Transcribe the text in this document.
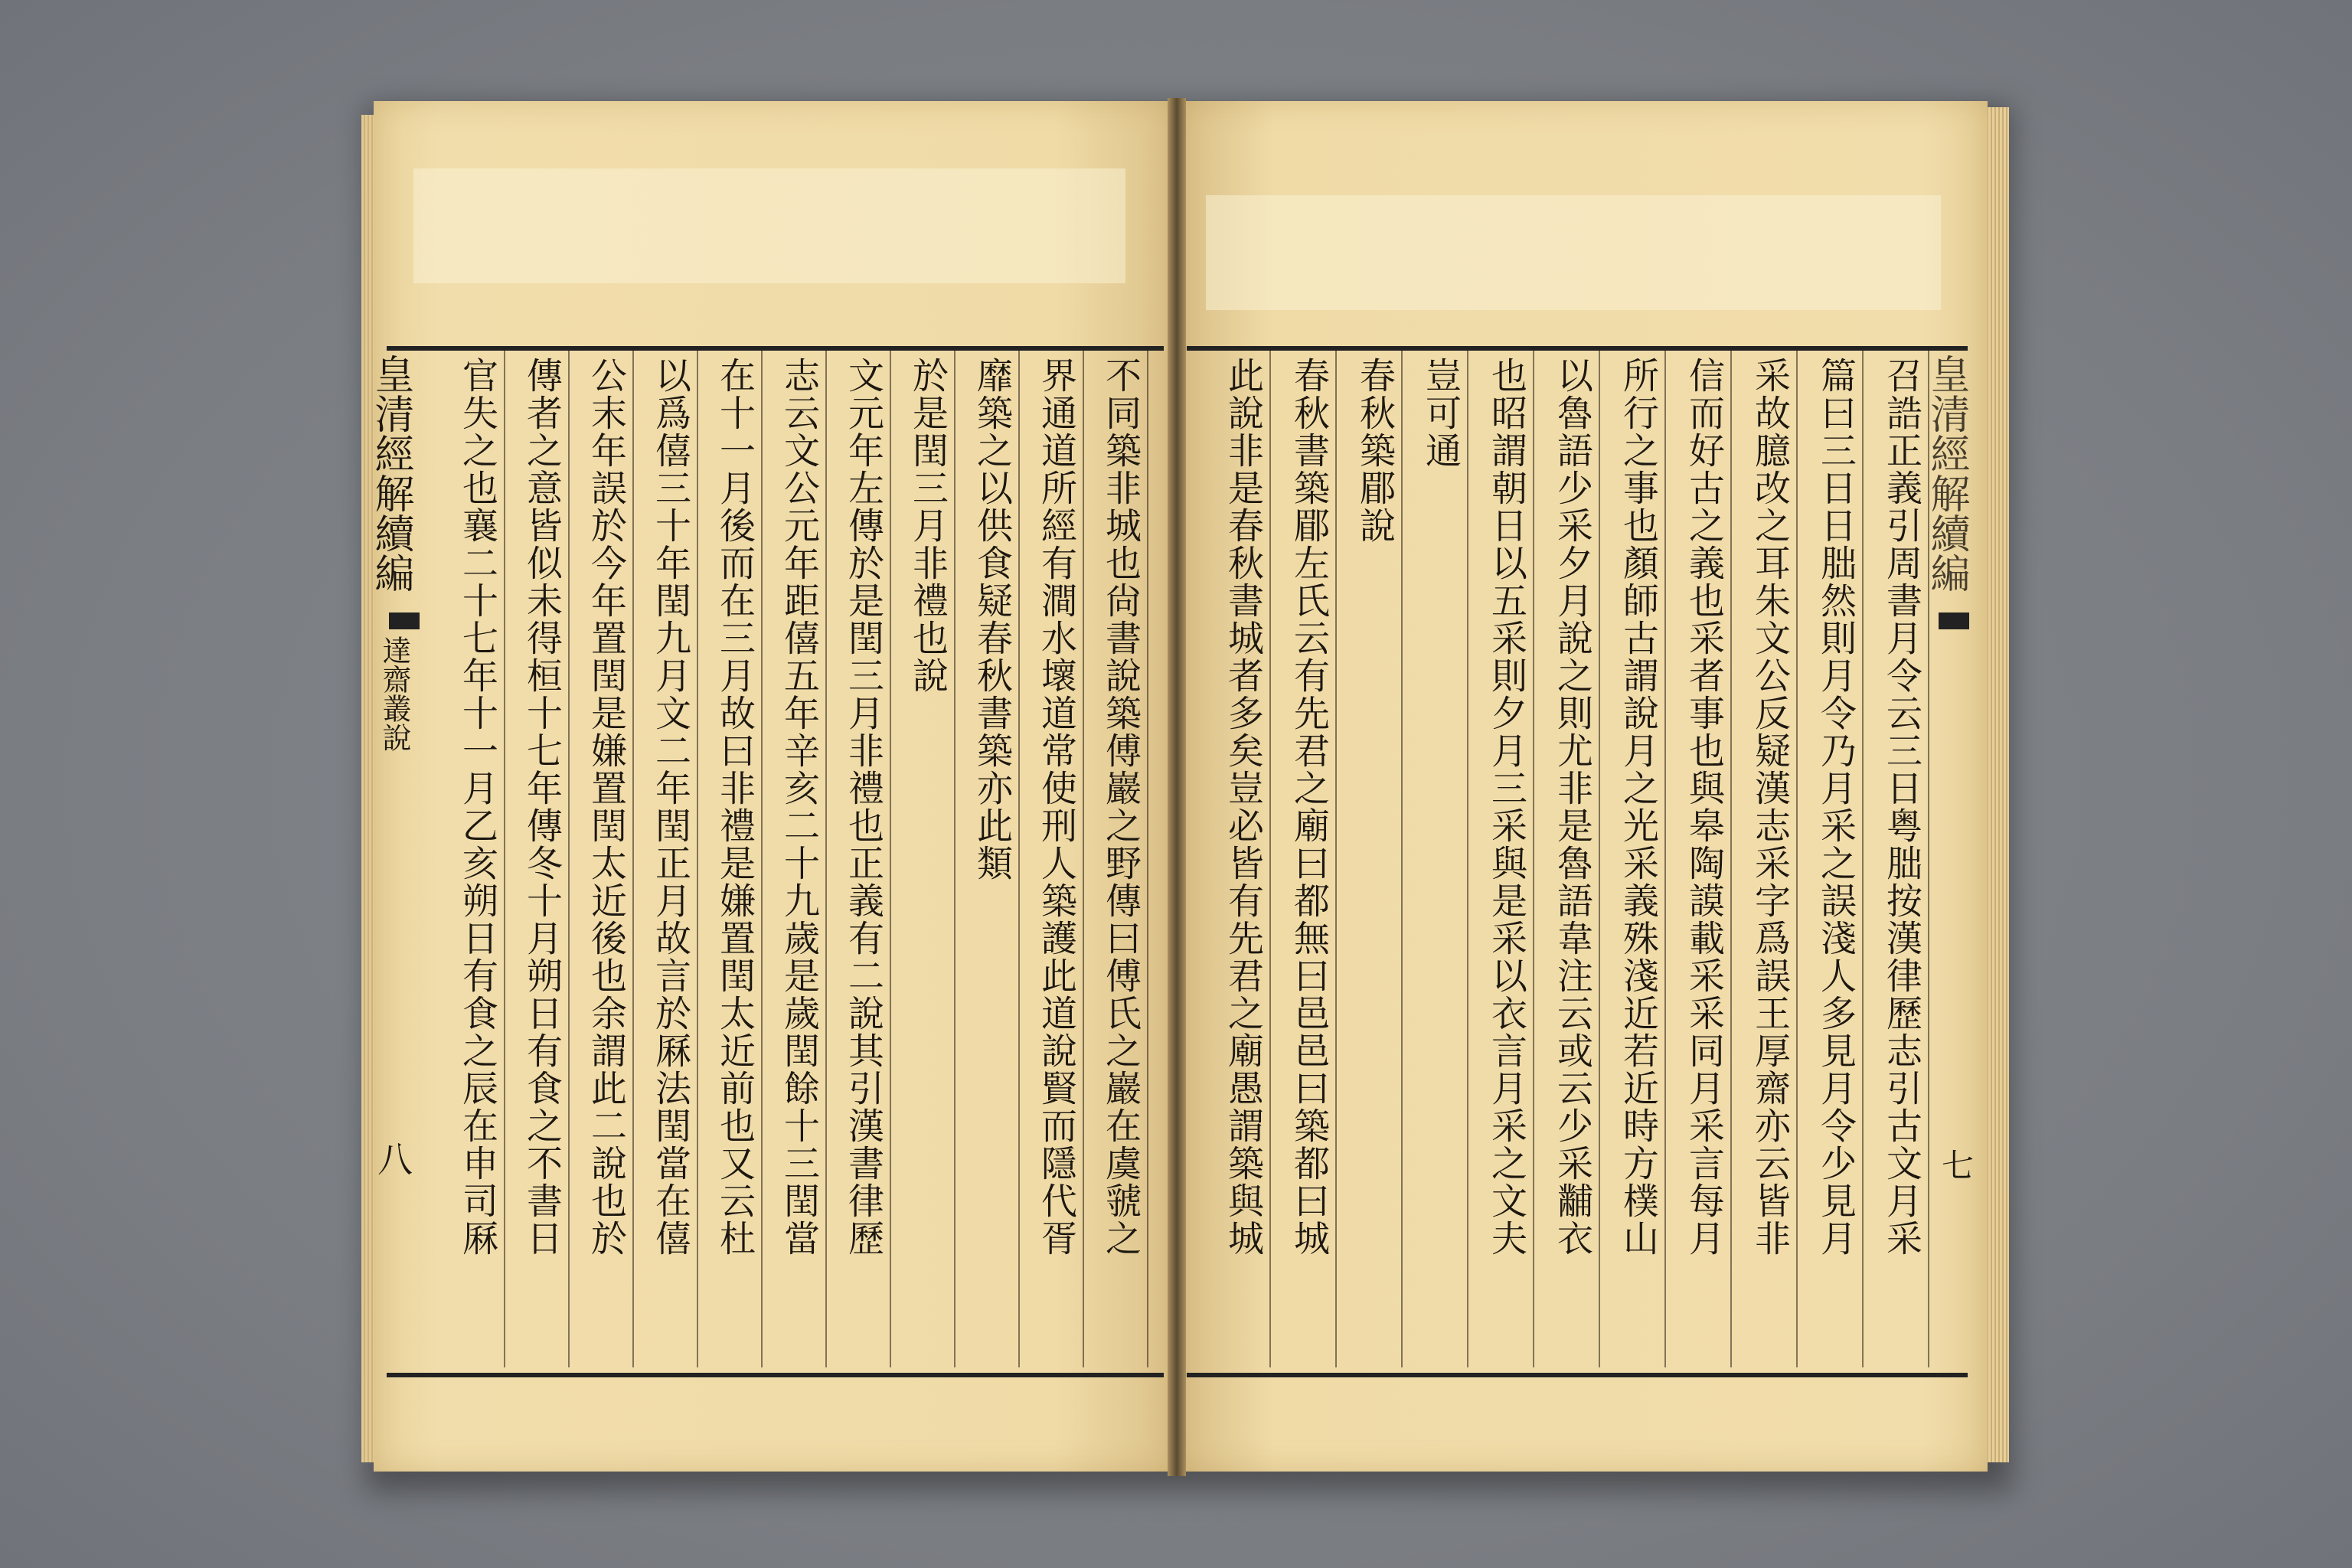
召誥正義引周書月令云三日粤朏按漢律歷志引古文月采
篇曰三日日朏然則月令乃月采之誤淺人多見月令少見月
采故臆改之耳朱文公反疑漢志采字爲誤王厚齋亦云皆非
信而好古之義也采者事也與皋陶謨載采采同月采言每月
所行之事也顏師古謂說月之光采義殊淺近若近時方樸山
以魯語少采夕月說之則尤非是魯語韋注云或云少采黼衣
也昭謂朝日以五采則夕月三采與是采以衣言月采之文夫
豈可通
春秋築郿說
春秋書築郿左氏云有先君之廟曰都無曰邑邑曰築都曰城
此說非是春秋書城者多矣豈必皆有先君之廟愚謂築與城
不同築非城也尙書說築傅巖之野傳曰傅氏之巖在虞虢之
界通道所經有澗水壞道常使刑人築護此道說賢而隱代胥
靡築之以供食疑春秋書築亦此類
於是閏三月非禮也說
文元年左傳於是閏三月非禮也正義有二說其引漢書律歷
志云文公元年距僖五年辛亥二十九歲是歲閏餘十三閏當
在十一月後而在三月故曰非禮是嫌置閏太近前也又云杜
以爲僖三十年閏九月文二年閏正月故言於厤法閏當在僖
公末年誤於今年置閏是嫌置閏太近後也余謂此二說也於
傳者之意皆似未得桓十七年傳冬十月朔日有食之不書日
官失之也襄二十七年十一月乙亥朔日有食之辰在申司厤
皇清經解續編
達齋叢說
八
皇清經解續編
七
